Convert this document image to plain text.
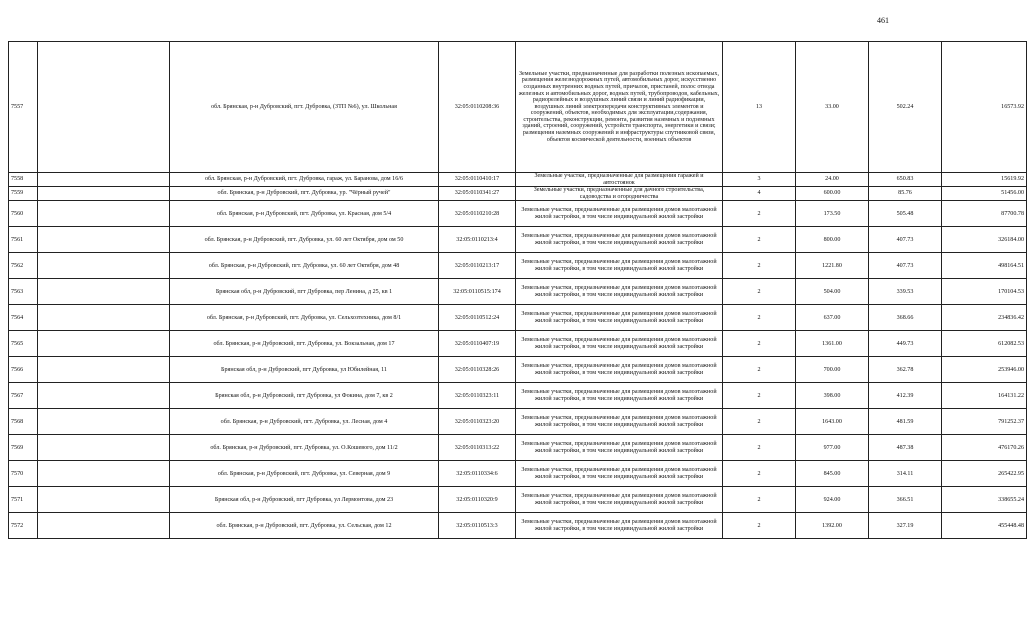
461
7557		обл. Брянская, р-н Дубровский, пгт. Дубровка, (ЗТП №6), ул. Школьная	32:05:0110208:36	Земельные участки, предназначенные для разработки полезных ископаемых, размещения железнодорожных путей, автомобильных дорог, искусственно созданных внутренних водных путей, причалов, пристаней, полос отвода железных и автомобильных дорог, водных путей, трубопроводов, кабельных, радиорелейных и воздушных линий связи и линий радиофикации, воздушных линий электропередачи конструктивных элементов и сооружений, объектов, необходимых для эксплуатации,содержания, строительства, реконструкции, ремонта, развития наземных и подземных зданий, строений, сооружений, устройств транспорта, энергетики и связи; размещения наземных сооружений и инфраструктуры спутниковой связи, объектов космической деятельности, военных объектов	13	33.00	502.24	16573.92
7558		обл. Брянская, р-н Дубровский, пгт. Дубровка, гараж, ул. Баранова, дом 16/6	32:05:0110410:17	Земельные участки, предназначенные для размещения гаражей и автостоянок	3	24.00	650.83	15619.92
7559		обл. Брянская, р-н Дубровский, пгт. Дубровка, ур. "Чёрный ручей"	32:05:0110341:27	Земельные участки, предназначенные для дачного строительства, садоводства и огородничества	4	600.00	85.76	51456.00
7560		обл. Брянская, р-н Дубровский, пгт. Дубровка, ул. Красная, дом 5/4	32:05:0110210:28	Земельные участки, предназначенные для размещения домов малоэтажной жилой застройки, в том числе индивидуальной жилой застройки	2	173.50	505.48	87700.78
7561		обл. Брянская, р-н Дубровский, пгт. Дубровка, ул. 60 лет Октября, дом ом 50	32:05:0110213:4	Земельные участки, предназначенные для размещения домов малоэтажной жилой застройки, в том числе индивидуальной жилой застройки	2	800.00	407.73	326184.00
7562		обл. Брянская, р-н Дубровский, пгт. Дубровка, ул. 60 лет Октября, дом 48	32:05:0110213:17	Земельные участки, предназначенные для размещения домов малоэтажной жилой застройки, в том числе индивидуальной жилой застройки	2	1221.80	407.73	498164.51
7563		Брянская обл, р-н Дубровский, пгт Дубровка, пер Ленина, д 25, кв 1	32:05:0110515:174	Земельные участки, предназначенные для размещения домов малоэтажной жилой застройки, в том числе индивидуальной жилой застройки	2	504.00	339.53	170104.53
7564		обл. Брянская, р-н Дубровский, пгт. Дубровка, ул. Сельхозтехника, дом 8/1	32:05:0110512:24	Земельные участки, предназначенные для размещения домов малоэтажной жилой застройки, в том числе индивидуальной жилой застройки	2	637.00	368.66	234836.42
7565		обл. Брянская, р-н Дубровский, пгт. Дубровка, ул. Вокзальная, дом 17	32:05:0110407:19	Земельные участки, предназначенные для размещения домов малоэтажной жилой застройки, в том числе индивидуальной жилой застройки	2	1361.00	449.73	612082.53
7566		Брянская обл, р-н Дубровский, пгт Дубровка, ул Юбилейная, 11	32:05:0110328:26	Земельные участки, предназначенные для размещения домов малоэтажной жилой застройки, в том числе индивидуальной жилой застройки	2	700.00	362.78	253946.00
7567		Брянская обл, р-н Дубровский, пгт Дубровка, ул Фокина, дом 7, кв 2	32:05:0110323:11	Земельные участки, предназначенные для размещения домов малоэтажной жилой застройки, в том числе индивидуальной жилой застройки	2	398.00	412.39	164131.22
7568		обл. Брянская, р-н Дубровский, пгт. Дубровка, ул. Лесная, дом 4	32:05:0110323:20	Земельные участки, предназначенные для размещения домов малоэтажной жилой застройки, в том числе индивидуальной жилой застройки	2	1643.00	481.59	791252.37
7569		обл. Брянская, р-н Дубровский, пгт. Дубровка, ул. О.Кошевого, дом 11/2	32:05:0110313:22	Земельные участки, предназначенные для размещения домов малоэтажной жилой застройки, в том числе индивидуальной жилой застройки	2	977.00	487.38	476170.26
7570		обл. Брянская, р-н Дубровский, пгт. Дубровка, ул. Северная, дом 9	32:05:0110334:6	Земельные участки, предназначенные для размещения домов малоэтажной жилой застройки, в том числе индивидуальной жилой застройки	2	845.00	314.11	265422.95
7571		Брянская обл, р-н Дубровский, пгт Дубровка, ул Лермонтова, дом 23	32:05:0110320:9	Земельные участки, предназначенные для размещения домов малоэтажной жилой застройки, в том числе индивидуальной жилой застройки	2	924.00	366.51	338655.24
7572		обл. Брянская, р-н Дубровский, пгт. Дубровка, ул. Сельская, дом 12	32:05:0110513:3	Земельные участки, предназначенные для размещения домов малоэтажной жилой застройки, в том числе индивидуальной жилой застройки	2	1392.00	327.19	455448.48
